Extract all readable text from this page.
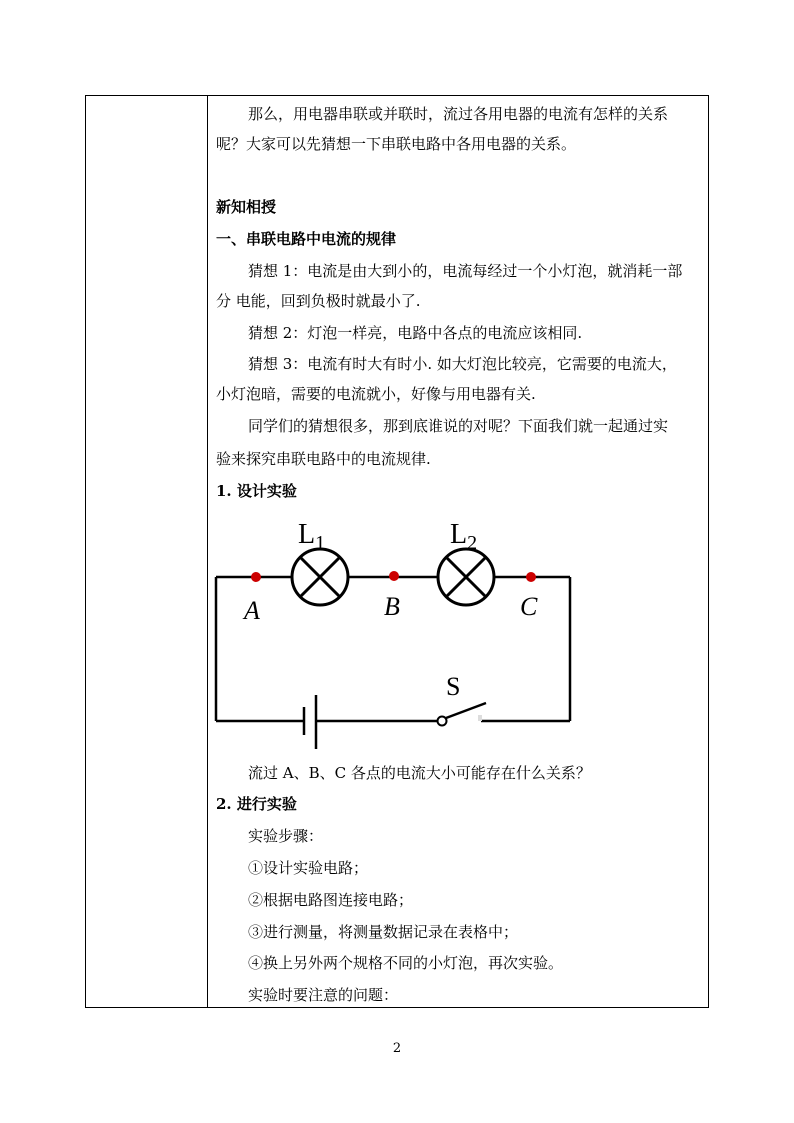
那么，用电器串联或并联时，流过各用电器的电流有怎样的关系
呢？大家可以先猜想一下串联电路中各用电器的关系。
新知相授
一、串联电路中电流的规律
猜想 1：电流是由大到小的，电流每经过一个小灯泡，就消耗一部
分 电能，回到负极时就最小了.
猜想 2：灯泡一样亮，电路中各点的电流应该相同.
猜想 3：电流有时大有时小. 如大灯泡比较亮，它需要的电流大，
小灯泡暗，需要的电流就小，好像与用电器有关.
同学们的猜想很多，那到底谁说的对呢？下面我们就一起通过实
验来探究串联电路中的电流规律.
1. 设计实验
流过 A、B、C 各点的电流大小可能存在什么关系？
2. 进行实验
实验步骤：
①设计实验电路；
②根据电路图连接电路；
③进行测量，将测量数据记录在表格中；
④换上另外两个规格不同的小灯泡，再次实验。
实验时要注意的问题：
$L_1$	$L_2$
A	B	C
S
2
